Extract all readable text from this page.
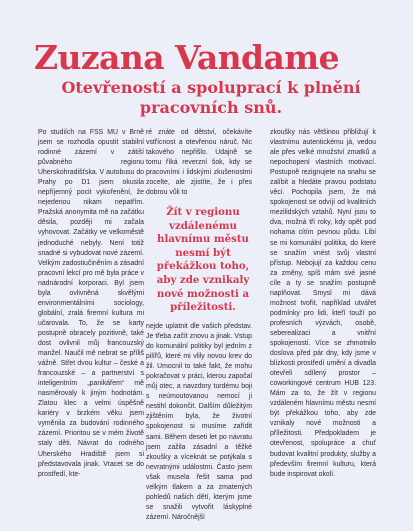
Zuzana Vandame
Otevřeností a spoluprací k plnění pracovních snů.

Po studiích na FSS MU v Brně jsem se rozhodla opustit stabilní rodinné zázemí v zátiší půvabného regionu Uherskohradišťska. V autobusu do Prahy po D1 jsem okusila nepříjemný pocit vykořenění, že nejedenou nikam nepatřím. Pražská anonymita mě na začátku děsila, později mi začala vyhovovat. Začátky ve velkoměstě jednoduché nebyly. Není totiž snadné si vybudovat nové zázemí. Velkým zadostiučiněním a zásadní pracovní lekcí pro mě byla práce v nadnárodní korporaci. Byl jsem byla ovlivněná skvělými environmentálními sociology, globální, zralá firemní kultura mi učarovala. To, že se karty postupně obracely pozitivně, také dost ovlivnil můj francouzský manžel. Naučil mě nebrat se příliš vážně. Střet dvou kultur – české a francouzské – a partnerství s inteligentním „panikářem“ mě nasměrovaly k jiným hodnotám. Zlatou klec a velmi úspěšně kariéry v brzkém věku jsem vyměnila za budování rodinného zázemí. Prioritou se v mém životě staly děti. Návrat do rodného Uherského Hradiště jsem si představovala jinak. Vracet se do prostředí, kte-

ré znáte od dětství, očekávíte vstřícnost a otevřenou náruč. Nic takového nepřišlo. Údajně se tomu říká reverzní šok, kdy se pracovními i lidskými zkušenostmi zocelte, ale zjistíte, že i přes dobrou vůli to

Žít v regionu vzdálenému hlavnímu městu nesmí být překážkou toho, aby zde vznikaly nové možnosti a příležitosti.

nejde uplatnit dle vašich představ. Je třeba začít znovu a jinak. Vstup do komunální politiky byl jedním z pilířů, které mi vlily novou krev do žil. Umocnil to také fakt, že mohu pokračovat v práci, kterou započal můj otec, a navzdory turdému boji s neúmoutovanou nemocí ji nestihl dokončit. Dalším důležitým zjištěním byla, že životní spokojenost si musíme zařídit sami. Během deseti let po návratu jsem zažila zásadní a těžké zkoušky a víceknát se potýkala s nevratnými událostmi. Často jsem však musela řešit sama pod velkým tlakem a za zmatených pohledů našich dětí, kterým jsme se snažili vytvořit láskyplné zázemí. Náročnější

zkoušky nás většinou přibližují k vlastnímu autentickému já, vedou ale přes velké množství zmatků a nepochopení vlastních motivací. Postupně rezignujete na snahu se zalíbit a hledáte pravou podstatu věcí. Pochopila jsem, že má spokojenost se odvíjí od kvalitních mezilidských vztahů. Nyní jsou to dva, možná tři roky, kdy opět pod nohama cítím pevnou půdu. Líbí se mi komunální politika, do které se snažím vnést svůj vlastní přístup. Nebojují za každou cenu za změny, spíš mám své jasné cíle a ty se snažím postupně naplňovat. Smysl mi dává možnost tvořit, například utvářet podmínky pro lidi, kteří touží po profesních výzvách, osobě, seberealizaci a vnitřní spokojenosti. Více se zhmotnilo doslova před pár dny, kdy jsme v blízkosti prostředí umění a divadla otevřeli sdílený prostor – coworkingové centrum HUB 123. Mám za to, že žít v regionu vzdáleném hlavnímu městu nesmí být překážkou toho, aby zde vznikaly nové možnosti a příležitosti. Předpokladem je otevřenost, spolupráce a chuť budovat kvalitní produkty, služby a především firemní kulturu, která bude inspirovat okolí.
